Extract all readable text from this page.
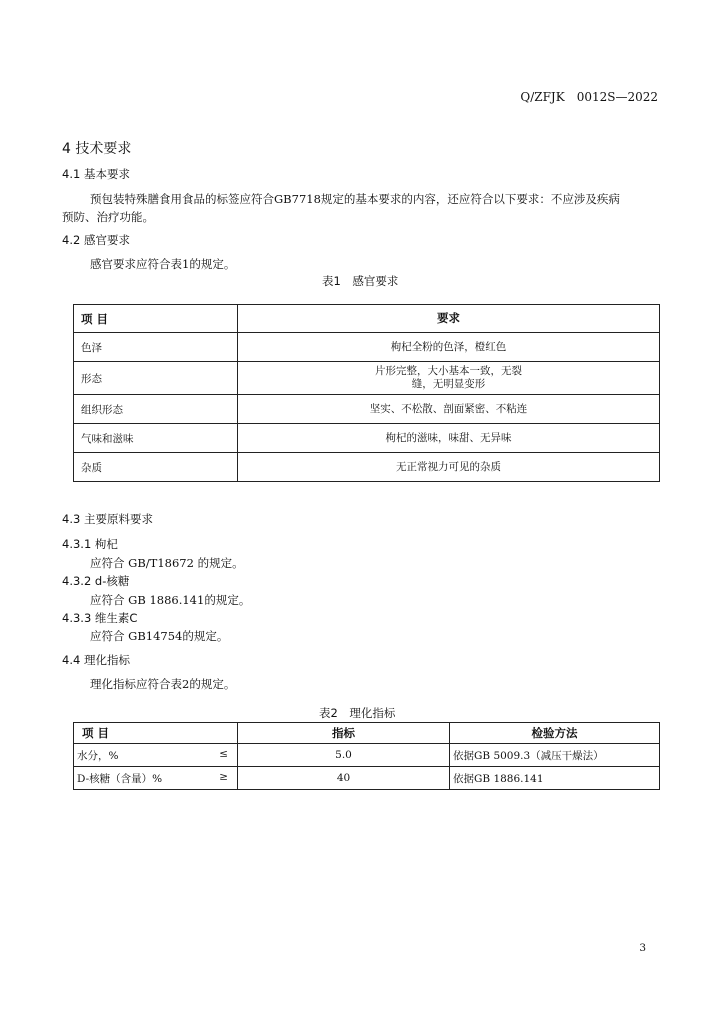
Q/ZFJK　0012S—2022
4 技术要求
4.1 基本要求
预包装特殊膳食用食品的标签应符合GB7718规定的基本要求的内容，还应符合以下要求：不应涉及疾病
预防、治疗功能。
4.2 感官要求
感官要求应符合表1的规定。
表1　感官要求
项 目	要求
色泽	枸杞全粉的色泽，橙红色
形态	片形完整，大小基本一致，无裂
缝，无明显变形

组织形态	坚实、不松散、剖面紧密、不粘连
气味和滋味	枸杞的滋味，味甜、无异味
杂质	无正常视力可见的杂质
4.3 主要原料要求
4.3.1 枸杞
应符合 GB/T18672 的规定。
4.3.2 d-核糖
应符合 GB 1886.141的规定。
4.3.3 维生素C
应符合 GB14754的规定。
4.4 理化指标
理化指标应符合表2的规定。
表2　理化指标
项 目	指标	检验方法
水分，% ≤	5.0	依据GB 5009.3（减压干燥法）
D-核糖（含量）% ≥	40	依据GB 1886.141
3
